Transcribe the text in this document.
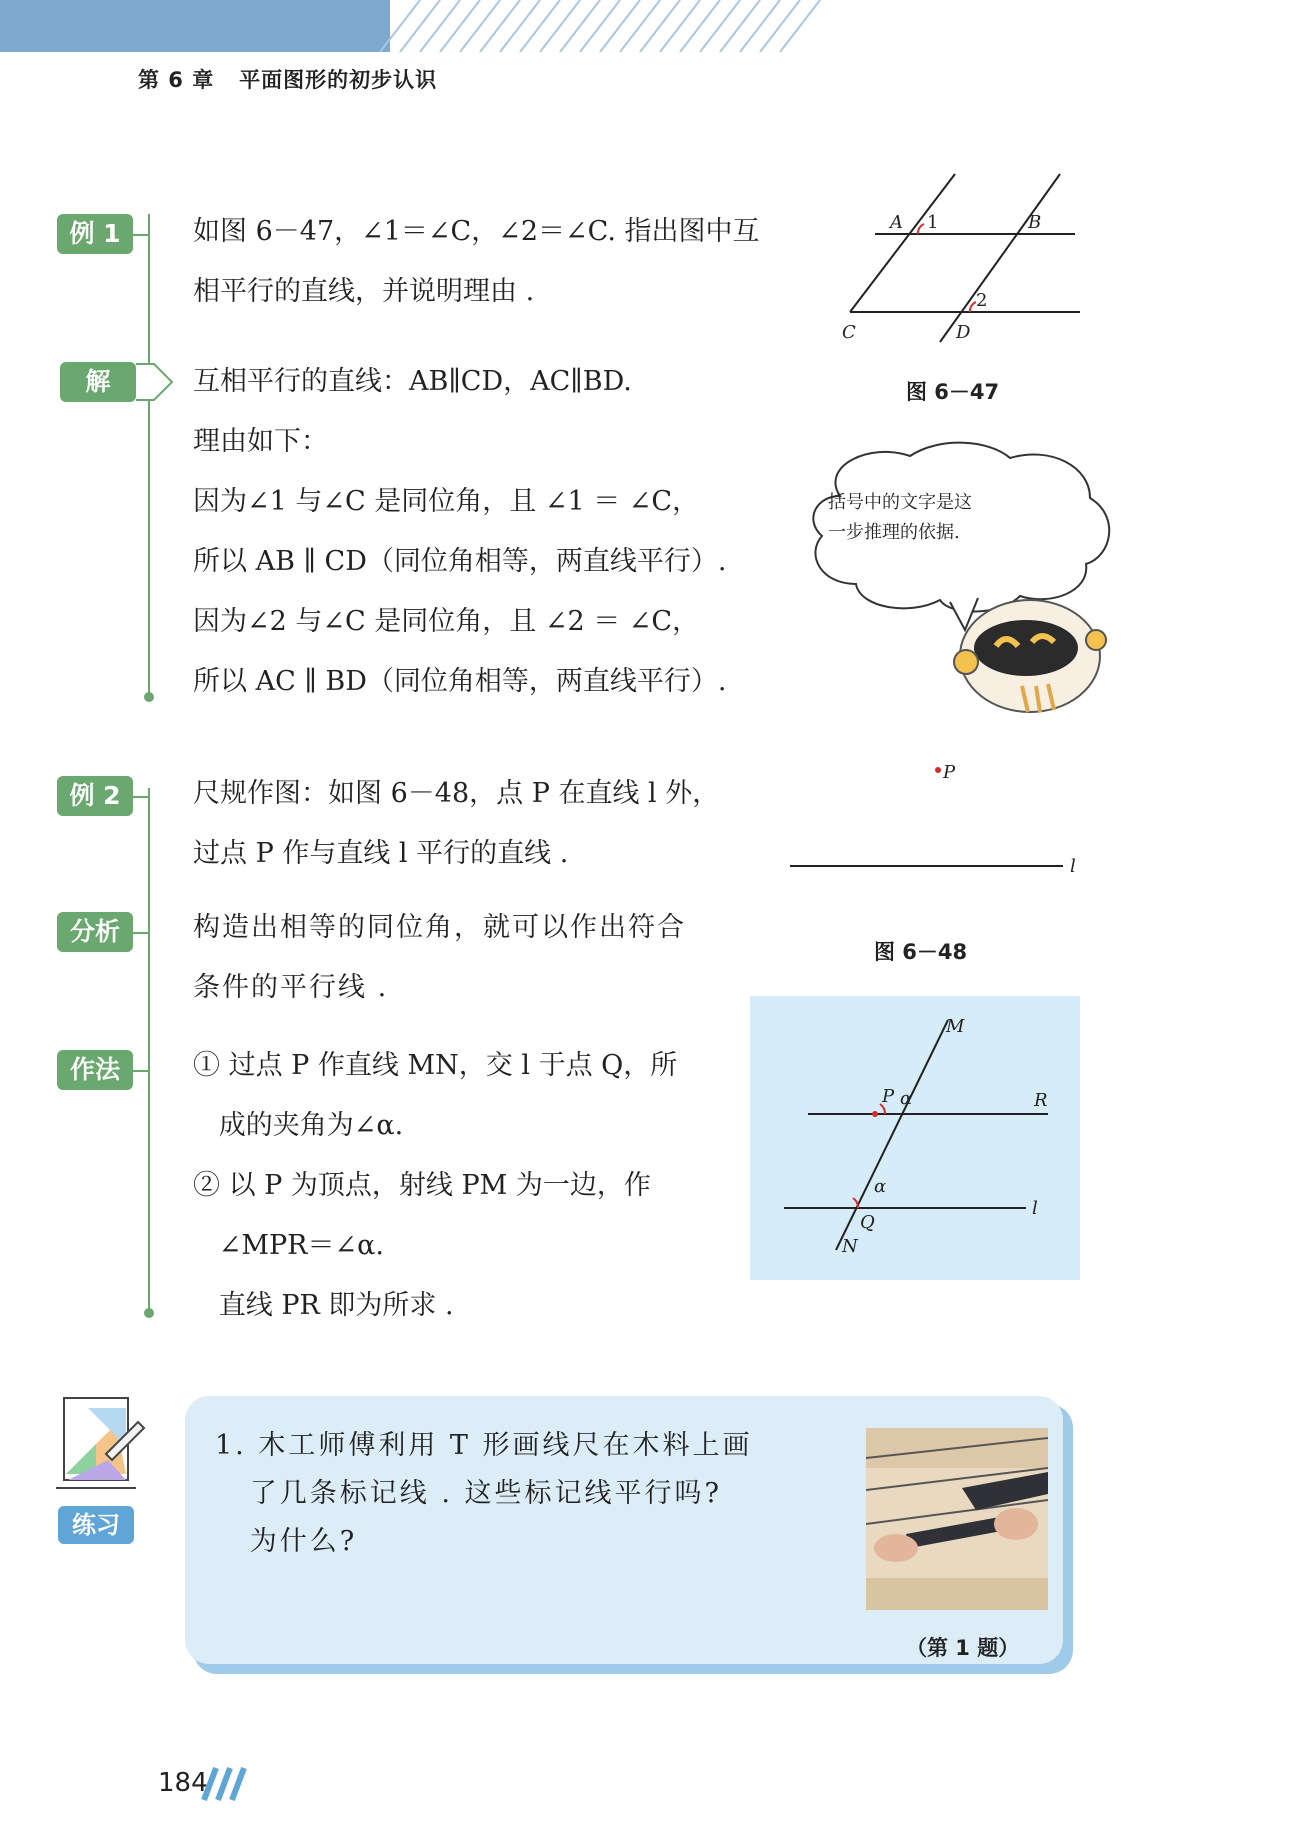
第 6 章 平面图形的初步认识
例 1	如图 6－47，∠1＝∠C，∠2＝∠C. 指出图中互
相平行的直线，并说明理由 .
解	互相平行的直线：AB∥CD，AC∥BD.
理由如下：
因为∠1 与∠C 是同位角，且 ∠1 ＝ ∠C，
所以 AB ∥ CD（同位角相等，两直线平行）.
因为∠2 与∠C 是同位角，且 ∠2 ＝ ∠C，
所以 AC ∥ BD（同位角相等，两直线平行）.
A 1	B
2
C	D
图 6－47
括号中的文字是这
一步推理的依据.
例 2	尺规作图：如图 6－48，点 P 在直线 l 外，
过点 P 作与直线 l 平行的直线 .
分析	构造出相等的同位角，就可以作出符合
条件的平行线 .
作法	① 过点 P 作直线 MN，交 l 于点 Q，所
成的夹角为∠α.
② 以 P 为顶点，射线 PM 为一边，作
∠MPR＝∠α.
直线 PR 即为所求 .
P
l
图 6－48
M
P α	R
α
l
Q
N
练习
1. 木工师傅利用 T 形画线尺在木料上画
了几条标记线 . 这些标记线平行吗?
为什么?
（第 1 题）
184
